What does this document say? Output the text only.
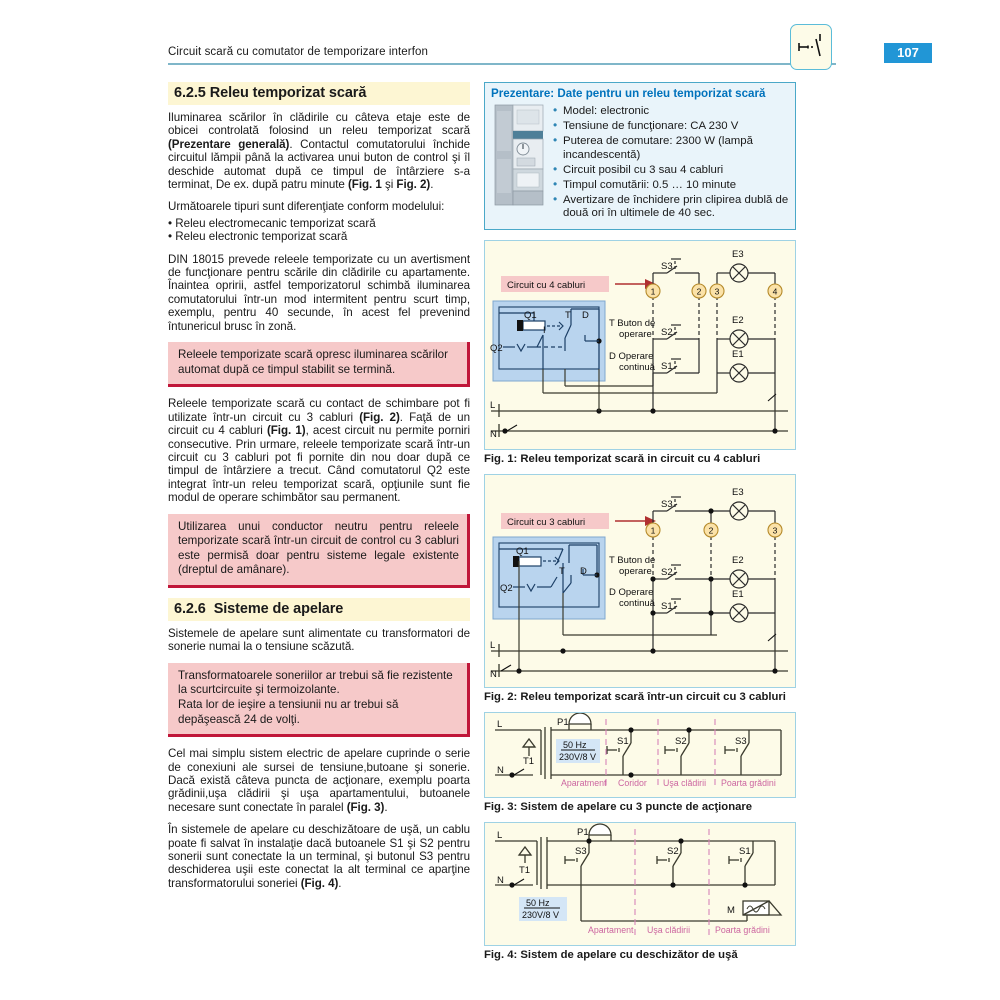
Circuit scară cu comutator de temporizare interfon	107
6.2.5 Releu temporizat scară

Iluminarea scărilor în clădirile cu câteva etaje este de obicei controlată folosind un releu temporizat scară (Prezentare generală). Contactul comutatorului închide circuitul lămpii până la activarea unui buton de control şi îl deschide automat după ce timpul de întârziere s-a terminat, De ex. după patru minute (Fig. 1 şi Fig. 2).

Următoarele tipuri sunt diferenţiate conform modelului:

• Releu electromecanic temporizat scară
• Releu electronic temporizat scară

DIN 18015 prevede releele temporizate cu un avertisment de funcţionare pentru scările din clădirile cu apartamente. Înaintea opririi, astfel temporizatorul schimbă iluminarea comutatorului într-un mod intermitent pentru scurt timp, exemplu, pentru 40 secunde, în acest fel prevenind întunericul brusc în zonă.

Releele temporizate scară opresc iluminarea scărilor automat după ce timpul stabilit se termină.

Releele temporizate scară cu contact de schimbare pot fi utilizate într-un circuit cu 3 cabluri (Fig. 2). Faţă de un circuit cu 4 cabluri (Fig. 1), acest circuit nu permite porniri consecutive. Prin urmare, releele temporizate scară într-un circuit cu 3 cabluri pot fi pornite din nou doar după ce timpul de întârziere a trecut. Când comutatorul Q2 este integrat într-un releu temporizat scară, opţiunile sunt fie modul de operare schimbător sau permanent.

Utilizarea unui conductor neutru pentru releele temporizate scară într-un circuit de control cu 3 cabluri este permisă doar pentru sisteme legale existente (dreptul de amânare).
6.2.6 Sisteme de apelare

Sistemele de apelare sunt alimentate cu transformatori de sonerie numai la o tensiune scăzută.

Transformatoarele soneriilor ar trebui să fie rezistente la scurtcircuite şi termoizolante.
Rata lor de ieşire a tensiunii nu ar trebui să depăşească 24 de volţi.

Cel mai simplu sistem electric de apelare cuprinde o serie de conexiuni ale sursei de tensiune,butoane şi sonerie. Dacă există câteva puncta de acţionare, exemplu poarta grădinii,uşa clădirii şi uşa apartamentului, butoanele necesare sunt conectate în paralel (Fig. 3).

În sistemele de apelare cu deschizătoare de uşă, un cablu poate fi salvat în instalaţie dacă butoanele S1 şi S2 pentru sonerii sunt conectate la un terminal, şi butonul S3 pentru deschiderea uşii este conectat la alt terminal ce aparţine transformatorului soneriei (Fig. 4).

Prezentare: Date pentru un releu temporizat scară
• Model: electronic
• Tensiune de funcţionare: CA 230 V
• Puterea de comutare: 2300 W (lampă incandescentă)
• Circuit posibil cu 3 sau 4 cabluri
• Timpul comutării: 0.5 … 10 minute
• Avertizare de închidere prin clipirea dublă de două ori în ultimele de 40 sec.
Circuit cu 4 cabluri
T Buton de
operare
D Operare
continuă
T D
Q1
Q2
I
1	2 3	4
S3
S2
S1
E3
E2
E1
L
N
Fig. 1: Releu temporizat scară in circuit cu 4 cabluri
Circuit cu 3 cabluri
T Buton de
operare
D Operare
continuă
Q1
Q2
T D
1	2	3
S3
S2
S1
E3
E2
E1
L
N
Fig. 2: Releu temporizat scară într-un circuit cu 3 cabluri
50 Hz
230V/8 V
L
N
T1
P1
S1	S2	S3
Aparatment Coridor Uşa clădirii Poarta grădini
Fig. 3: Sistem de apelare cu 3 puncte de acţionare
50 Hz
230V/8 V
L
N
T1
P1
S3	S2	S1
M
Apartament Uşa clădirii	Poarta grădini
Fig. 4: Sistem de apelare cu deschizător de uşă
